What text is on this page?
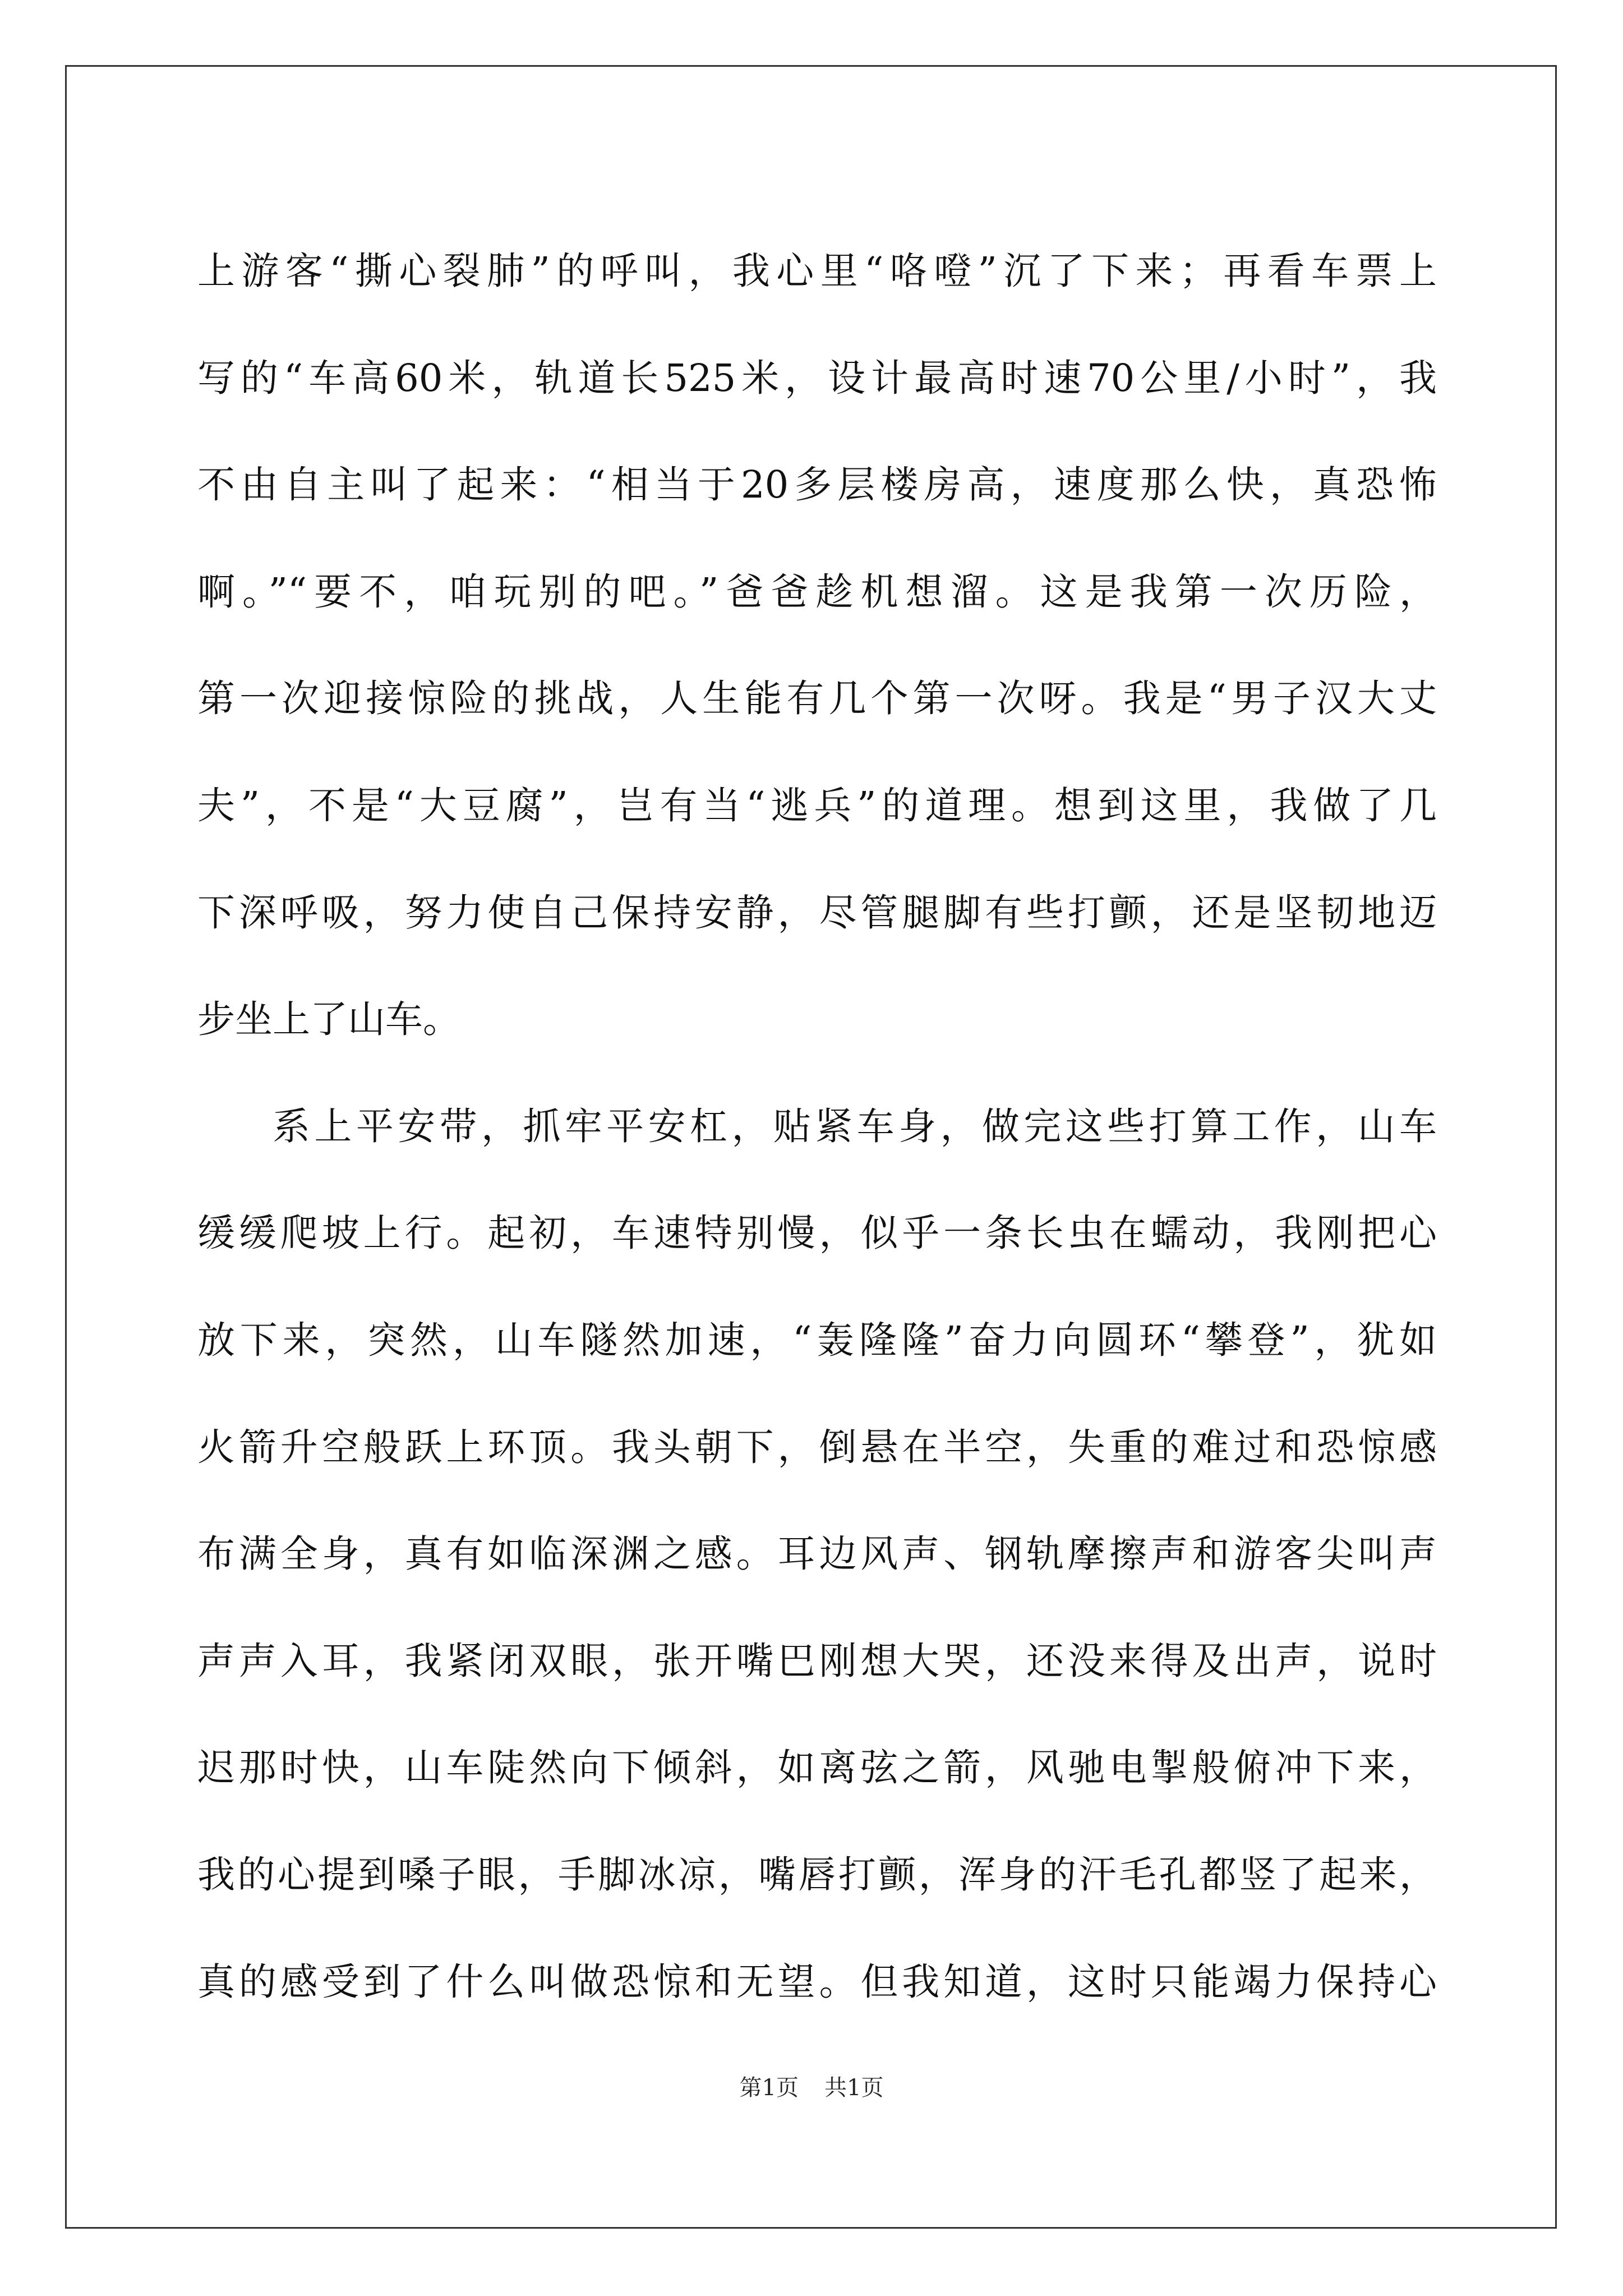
上游客“撕心裂肺”的呼叫，我心里“咯噔”沉了下来；再看车票上
写的“车高60米，轨道长525米，设计最高时速70公里/小时”，我
不由自主叫了起来：“相当于20多层楼房高，速度那么快，真恐怖
啊。”“要不，咱玩别的吧。”爸爸趁机想溜。这是我第一次历险，
第一次迎接惊险的挑战，人生能有几个第一次呀。我是“男子汉大丈
夫”，不是“大豆腐”，岂有当“逃兵”的道理。想到这里，我做了几
下深呼吸，努力使自己保持安静，尽管腿脚有些打颤，还是坚韧地迈
步坐上了山车。
系上平安带，抓牢平安杠，贴紧车身，做完这些打算工作，山车
缓缓爬坡上行。起初，车速特别慢，似乎一条长虫在蠕动，我刚把心
放下来，突然，山车隧然加速，“轰隆隆”奋力向圆环“攀登”，犹如
火箭升空般跃上环顶。我头朝下，倒悬在半空，失重的难过和恐惊感
布满全身，真有如临深渊之感。耳边风声、钢轨摩擦声和游客尖叫声
声声入耳，我紧闭双眼，张开嘴巴刚想大哭，还没来得及出声，说时
迟那时快，山车陡然向下倾斜，如离弦之箭，风驰电掣般俯冲下来，
我的心提到嗓子眼，手脚冰凉，嘴唇打颤，浑身的汗毛孔都竖了起来，
真的感受到了什么叫做恐惊和无望。但我知道，这时只能竭力保持心
第1页 共1页
